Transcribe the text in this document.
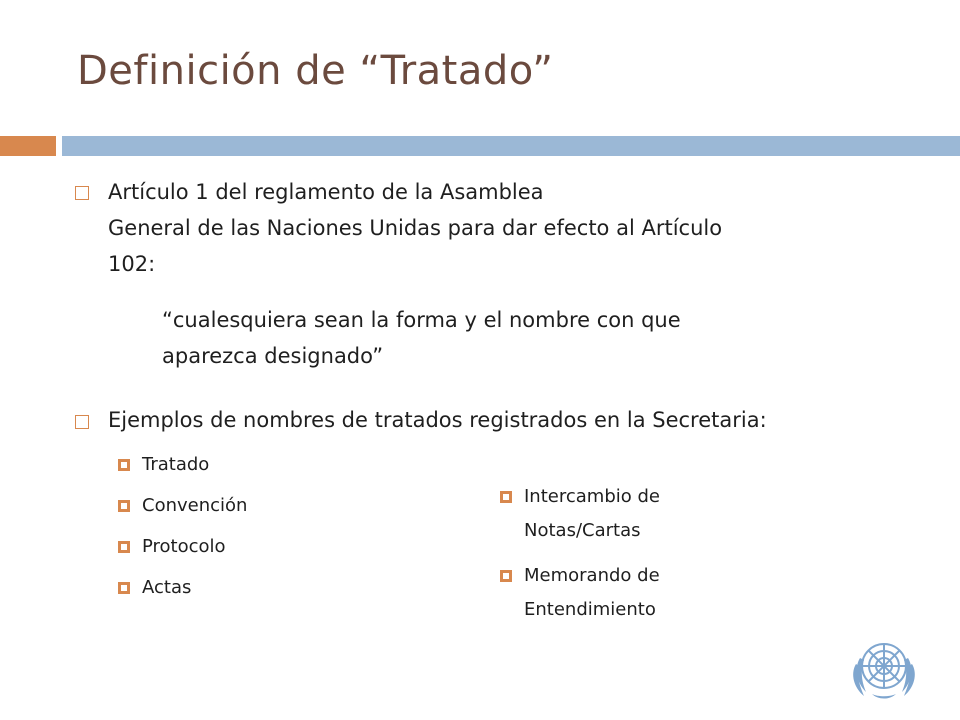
Definición de “Tratado”
Artículo 1 del reglamento de la Asamblea
General de las Naciones Unidas para dar efecto al Artículo
102:
“cualesquiera sean la forma y el nombre con que
aparezca designado”
Ejemplos de nombres de tratados registrados en la Secretaria:
Tratado
Convención
Protocolo
Actas
Intercambio de
Notas/Cartas
Memorando de
Entendimiento
